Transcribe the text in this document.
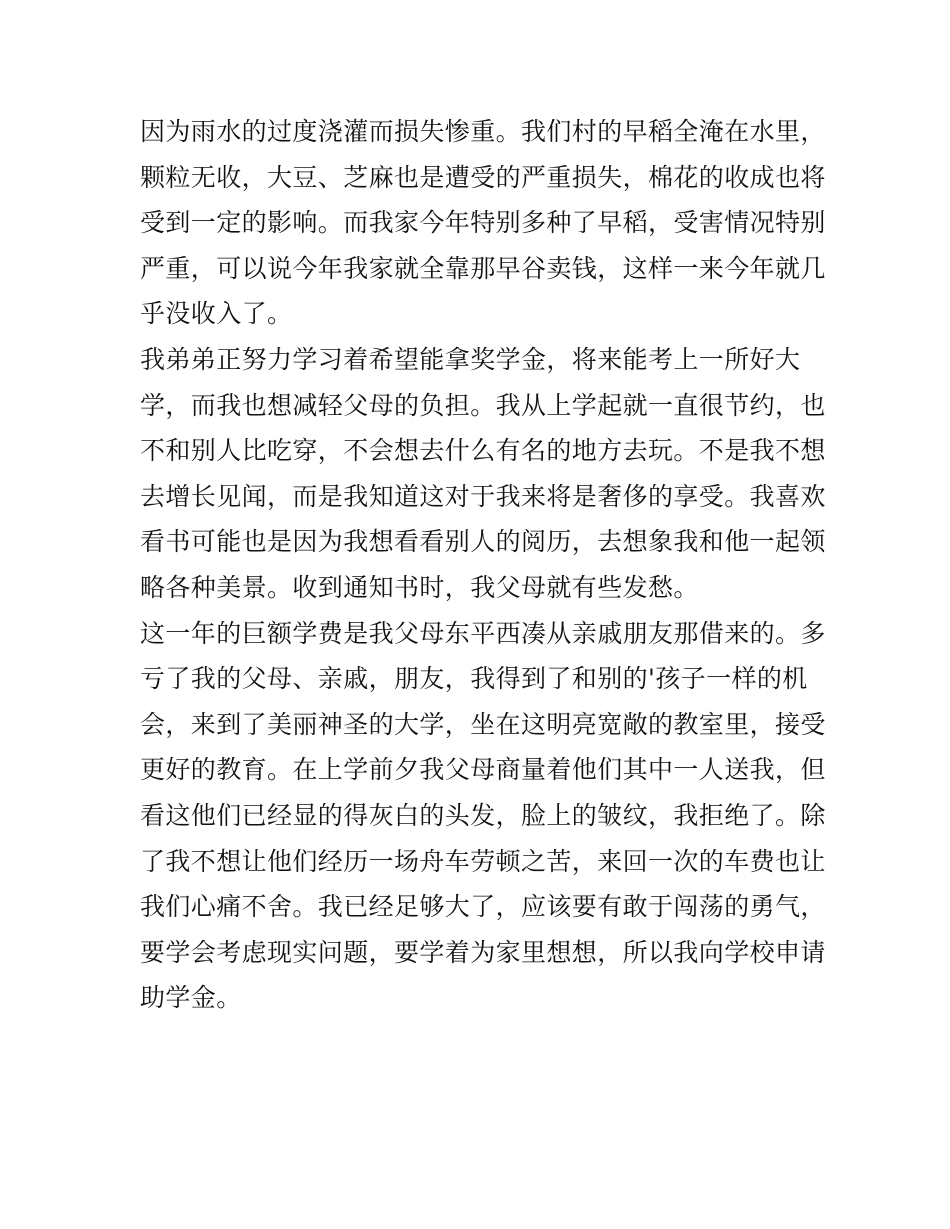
因为雨水的过度浇灌而损失惨重。我们村的早稻全淹在水里，
颗粒无收，大豆、芝麻也是遭受的严重损失，棉花的收成也将
受到一定的影响。而我家今年特别多种了早稻，受害情况特别
严重，可以说今年我家就全靠那早谷卖钱，这样一来今年就几
乎没收入了。
我弟弟正努力学习着希望能拿奖学金，将来能考上一所好大
学，而我也想减轻父母的负担。我从上学起就一直很节约，也
不和别人比吃穿，不会想去什么有名的地方去玩。不是我不想
去增长见闻，而是我知道这对于我来将是奢侈的享受。我喜欢
看书可能也是因为我想看看别人的阅历，去想象我和他一起领
略各种美景。收到通知书时，我父母就有些发愁。
这一年的巨额学费是我父母东平西凑从亲戚朋友那借来的。多
亏了我的父母、亲戚，朋友，我得到了和别的'孩子一样的机
会，来到了美丽神圣的大学，坐在这明亮宽敞的教室里，接受
更好的教育。在上学前夕我父母商量着他们其中一人送我，但
看这他们已经显的得灰白的头发，脸上的皱纹，我拒绝了。除
了我不想让他们经历一场舟车劳顿之苦，来回一次的车费也让
我们心痛不舍。我已经足够大了，应该要有敢于闯荡的勇气，
要学会考虑现实问题，要学着为家里想想，所以我向学校申请
助学金。
